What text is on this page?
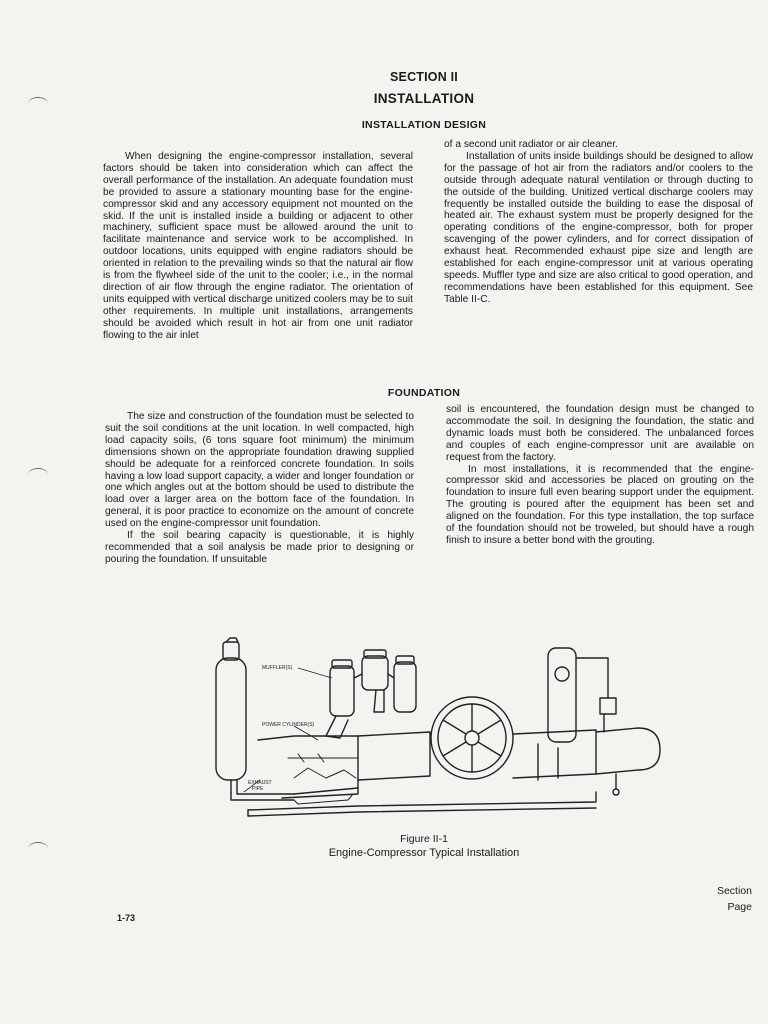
SECTION II
INSTALLATION
INSTALLATION DESIGN

When designing the engine-compressor installation, several factors should be taken into consideration which can affect the overall performance of the installation. An adequate foundation must be provided to assure a stationary mounting base for the engine-compressor skid and any accessory equipment not mounted on the skid. If the unit is installed inside a building or adjacent to other machinery, sufficient space must be allowed around the unit to facilitate maintenance and service work to be accomplished. In outdoor locations, units equipped with engine radiators should be oriented in relation to the prevailing winds so that the natural air flow is from the flywheel side of the unit to the cooler; i.e., in the normal direction of air flow through the engine radiator. The orientation of units equipped with vertical discharge unitized coolers may be to suit other requirements. In multiple unit installations, arrangements should be avoided which result in hot air from one unit radiator flowing to the air inlet

of a second unit radiator or air cleaner.

Installation of units inside buildings should be designed to allow for the passage of hot air from the radiators and/or coolers to the outside through adequate natural ventilation or through ducting to the outside of the building. Unitized vertical discharge coolers may frequently be installed outside the building to ease the disposal of heated air. The exhaust system must be properly designed for the operating conditions of the engine-compressor, both for proper scavenging of the power cylinders, and for correct dissipation of exhaust heat. Recommended exhaust pipe size and length are established for each engine-compressor unit at various operating speeds. Muffler type and size are also critical to good operation, and recommendations have been established for this equipment. See Table II-C.

FOUNDATION

The size and construction of the foundation must be selected to suit the soil conditions at the unit location. In well compacted, high load capacity soils, (6 tons square foot minimum) the minimum dimensions shown on the appropriate foundation drawing supplied should be adequate for a reinforced concrete foundation. In soils having a low load support capacity, a wider and longer foundation or one which angles out at the bottom should be used to distribute the load over a larger area on the bottom face of the foundation. In general, it is poor practice to economize on the amount of concrete used on the engine-compressor unit foundation.

If the soil bearing capacity is questionable, it is highly recommended that a soil analysis be made prior to designing or pouring the foundation. If unsuitable

soil is encountered, the foundation design must be changed to accommodate the soil. In designing the foundation, the static and dynamic loads must both be considered. The unbalanced forces and couples of each engine-compressor unit are available on request from the factory.

In most installations, it is recommended that the engine-compressor skid and accessories be placed on grouting on the foundation to insure full even bearing support under the equipment. The grouting is poured after the equipment has been set and aligned on the foundation. For this type installation, the top surface of the foundation should not be troweled, but should have a rough finish to insure a better bond with the grouting.

MUFFLER(S)
POWER CYLINDER(S)
EXHAUST
PIPE
Figure II-1
Engine-Compressor Typical Installation
1-73
Section
Page
